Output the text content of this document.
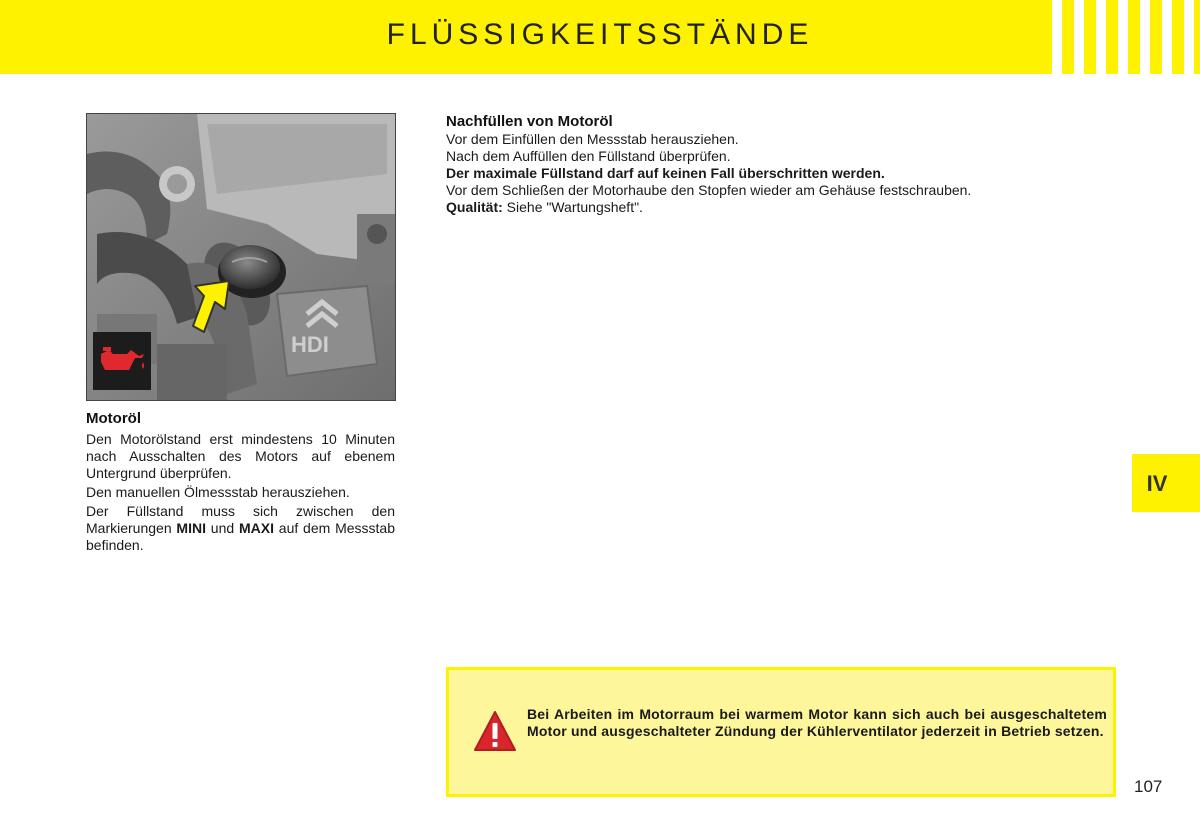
FLÜSSIGKEITSSTÄNDE
HDI
Motoröl

Den Motorölstand erst mindestens 10 Minuten nach Ausschalten des Motors auf ebenem Untergrund überprüfen.

Den manuellen Ölmessstab herausziehen.

Der Füllstand muss sich zwischen den Markierungen MINI und MAXI auf dem Messstab befinden.

Nachfüllen von Motoröl

Vor dem Einfüllen den Messstab herausziehen.

Nach dem Auffüllen den Füllstand überprüfen.

Der maximale Füllstand darf auf keinen Fall überschritten werden.

Vor dem Schließen der Motorhaube den Stopfen wieder am Gehäuse festschrauben.

Qualität: Siehe "Wartungsheft".

IV
Bei Arbeiten im Motorraum bei warmem Motor kann sich auch bei ausgeschaltetem Motor und ausgeschalteter Zündung der Kühlerventilator jederzeit in Betrieb setzen.
107
